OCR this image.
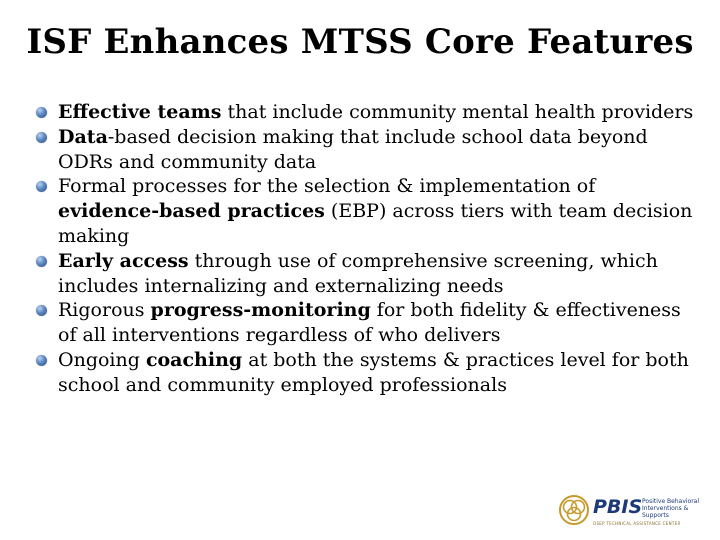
ISF Enhances MTSS Core Features
Effective teams that include community mental health providers
Data-based decision making that include school data beyond ODRs and community data
Formal processes for the selection & implementation of evidence-based practices (EBP) across tiers with team decision making
Early access through use of comprehensive screening, which includes internalizing and externalizing needs
Rigorous progress-monitoring for both fidelity & effectiveness of all interventions regardless of who delivers
Ongoing coaching at both the systems & practices level for both school and community employed professionals
PBIS Positive Behavioral Interventions & Supports
OSEP TECHNICAL ASSISTANCE CENTER
